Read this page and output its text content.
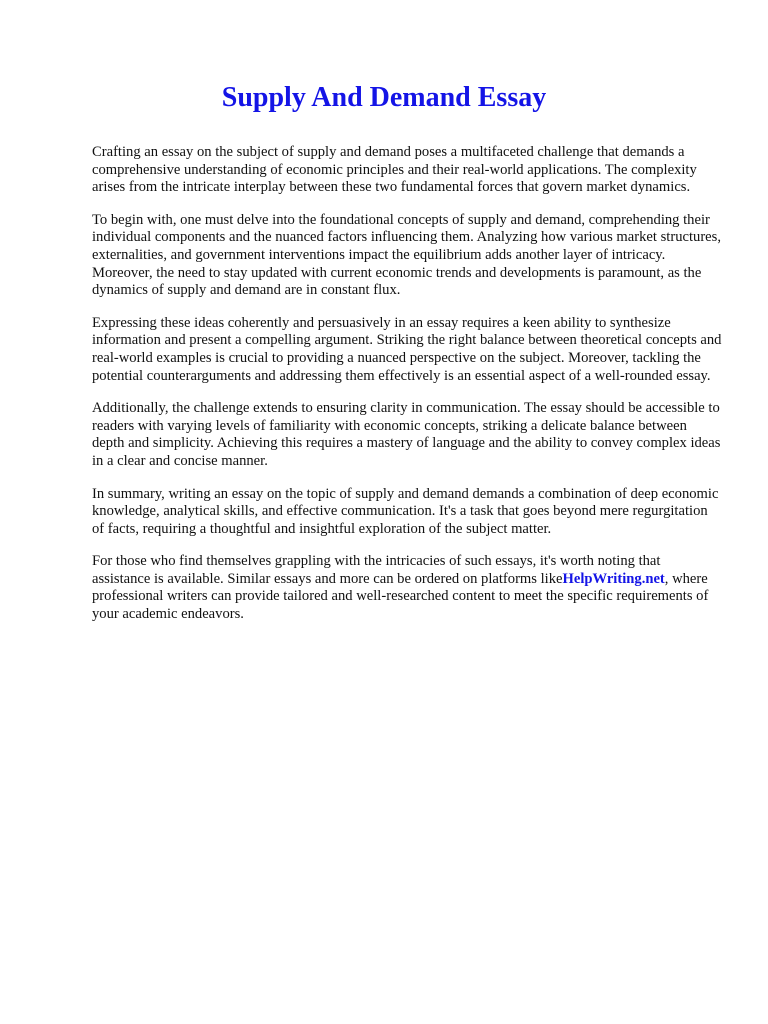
Supply And Demand Essay

Crafting an essay on the subject of supply and demand poses a multifaceted challenge that demands a comprehensive understanding of economic principles and their real-world applications. The complexity arises from the intricate interplay between these two fundamental forces that govern market dynamics.

To begin with, one must delve into the foundational concepts of supply and demand, comprehending their individual components and the nuanced factors influencing them. Analyzing how various market structures, externalities, and government interventions impact the equilibrium adds another layer of intricacy. Moreover, the need to stay updated with current economic trends and developments is paramount, as the dynamics of supply and demand are in constant flux.

Expressing these ideas coherently and persuasively in an essay requires a keen ability to synthesize information and present a compelling argument. Striking the right balance between theoretical concepts and real-world examples is crucial to providing a nuanced perspective on the subject. Moreover, tackling the potential counterarguments and addressing them effectively is an essential aspect of a well-rounded essay.

Additionally, the challenge extends to ensuring clarity in communication. The essay should be accessible to readers with varying levels of familiarity with economic concepts, striking a delicate balance between depth and simplicity. Achieving this requires a mastery of language and the ability to convey complex ideas in a clear and concise manner.

In summary, writing an essay on the topic of supply and demand demands a combination of deep economic knowledge, analytical skills, and effective communication. It's a task that goes beyond mere regurgitation of facts, requiring a thoughtful and insightful exploration of the subject matter.

For those who find themselves grappling with the intricacies of such essays, it's worth noting that assistance is available. Similar essays and more can be ordered on platforms likeHelpWriting.net, where professional writers can provide tailored and well-researched content to meet the specific requirements of your academic endeavors.
